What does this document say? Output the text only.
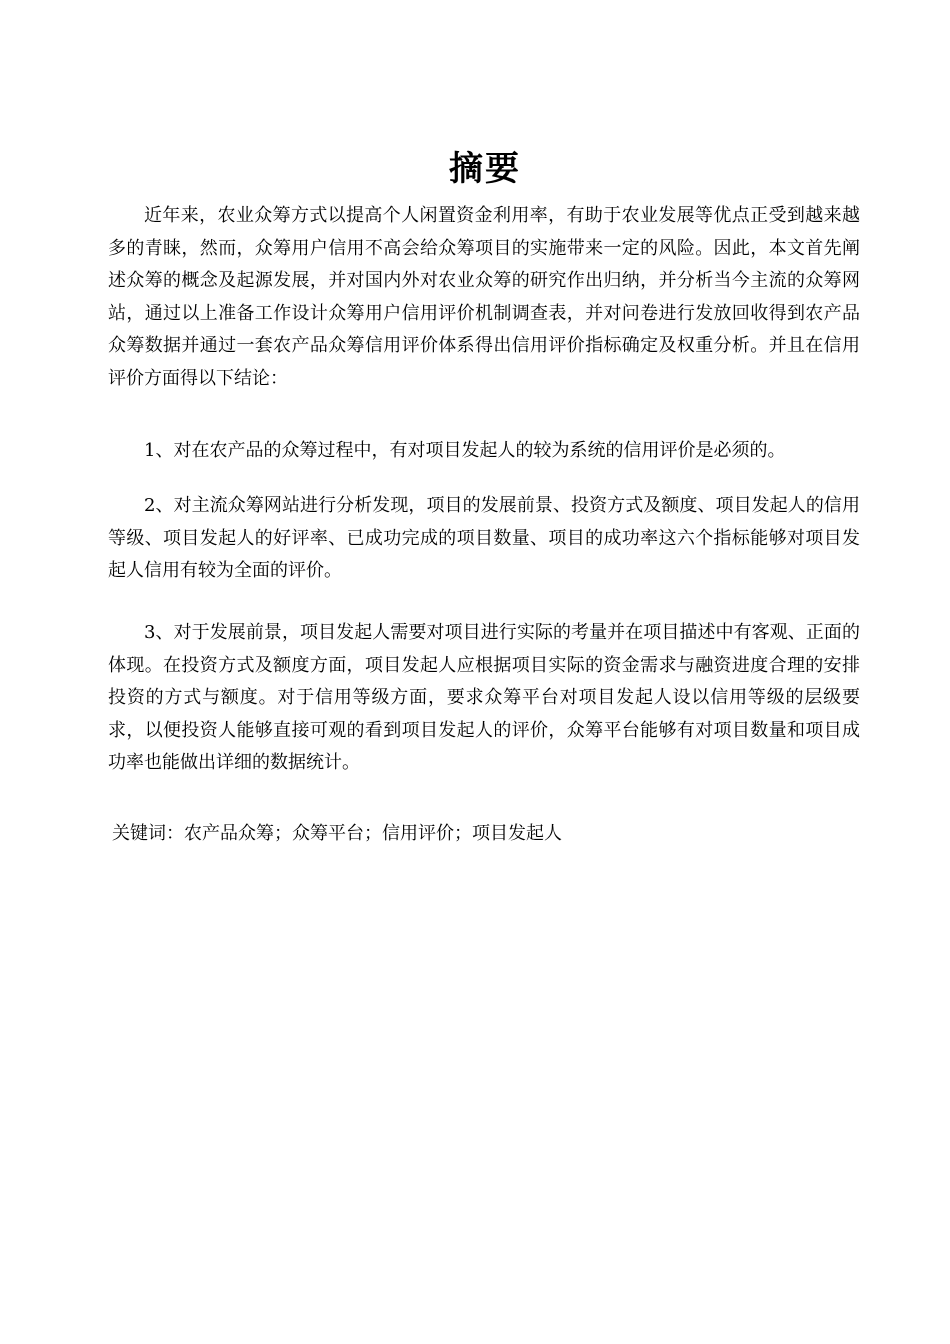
摘要

近年来，农业众筹方式以提高个人闲置资金利用率，有助于农业发展等优点正受到越来越多的青睐，然而，众筹用户信用不高会给众筹项目的实施带来一定的风险。因此，本文首先阐述众筹的概念及起源发展，并对国内外对农业众筹的研究作出归纳，并分析当今主流的众筹网站，通过以上准备工作设计众筹用户信用评价机制调查表，并对问卷进行发放回收得到农产品众筹数据并通过一套农产品众筹信用评价体系得出信用评价指标确定及权重分析。并且在信用评价方面得以下结论：

1、对在农产品的众筹过程中，有对项目发起人的较为系统的信用评价是必须的。

2、对主流众筹网站进行分析发现，项目的发展前景、投资方式及额度、项目发起人的信用等级、项目发起人的好评率、已成功完成的项目数量、项目的成功率这六个指标能够对项目发起人信用有较为全面的评价。

3、对于发展前景，项目发起人需要对项目进行实际的考量并在项目描述中有客观、正面的体现。在投资方式及额度方面，项目发起人应根据项目实际的资金需求与融资进度合理的安排投资的方式与额度。对于信用等级方面，要求众筹平台对项目发起人设以信用等级的层级要求，以便投资人能够直接可观的看到项目发起人的评价，众筹平台能够有对项目数量和项目成功率也能做出详细的数据统计。

关键词：农产品众筹；众筹平台；信用评价；项目发起人
